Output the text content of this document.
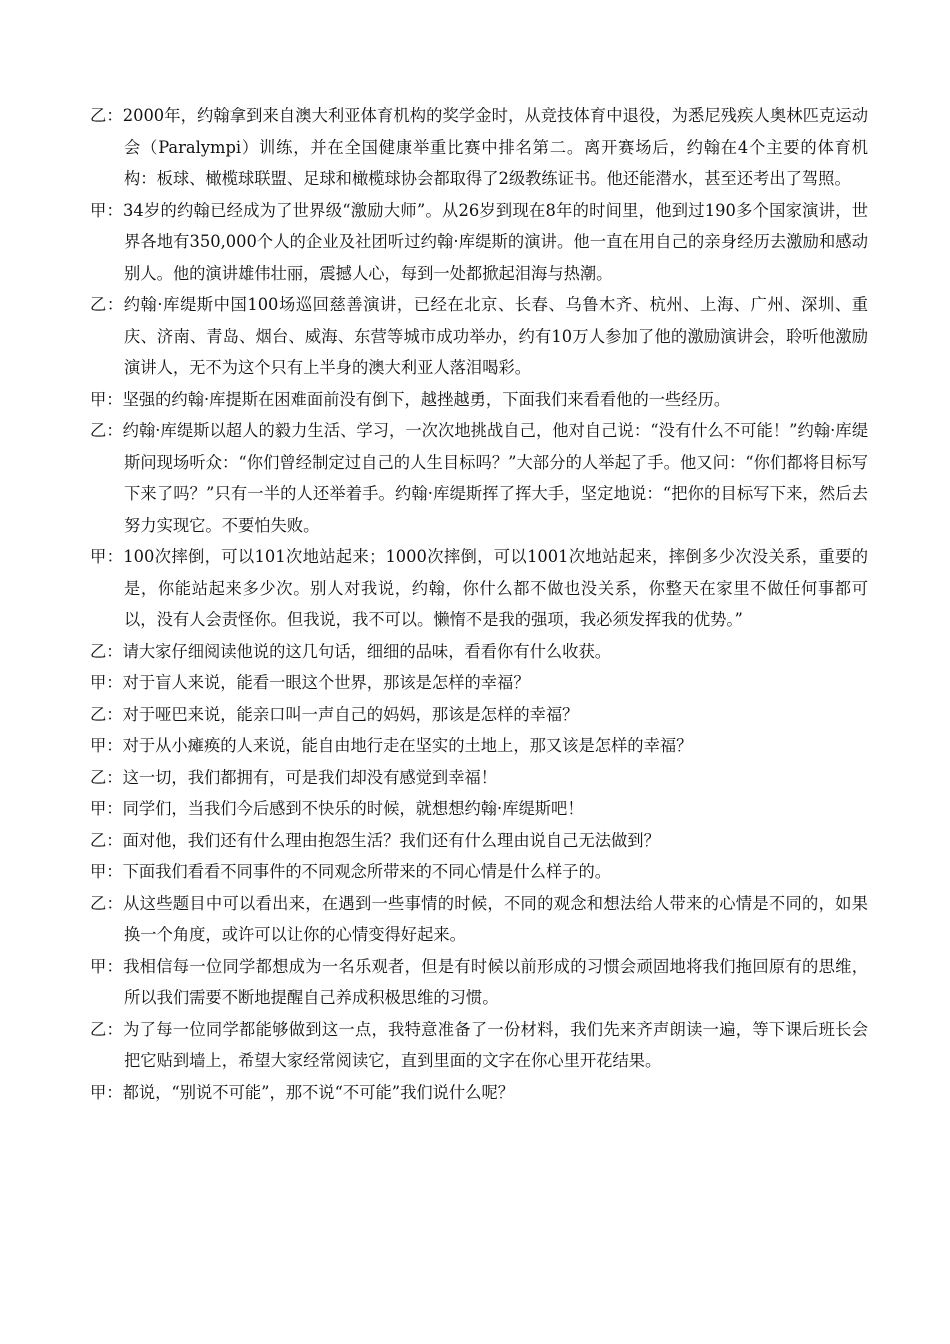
乙：2000年，约翰拿到来自澳大利亚体育机构的奖学金时，从竞技体育中退役，为悉尼残疾人奥林匹克运动会（Paralympi）训练，并在全国健康举重比赛中排名第二。离开赛场后，约翰在4个主要的体育机构：板球、橄榄球联盟、足球和橄榄球协会都取得了2级教练证书。他还能潜水，甚至还考出了驾照。

甲：34岁的约翰已经成为了世界级“激励大师”。从26岁到现在8年的时间里，他到过190多个国家演讲，世界各地有350,000个人的企业及社团听过约翰·库缇斯的演讲。他一直在用自己的亲身经历去激励和感动别人。他的演讲雄伟壮丽，震撼人心，每到一处都掀起泪海与热潮。

乙：约翰·库缇斯中国100场巡回慈善演讲，已经在北京、长春、乌鲁木齐、杭州、上海、广州、深圳、重庆、济南、青岛、烟台、威海、东营等城市成功举办，约有10万人参加了他的激励演讲会，聆听他激励演讲人，无不为这个只有上半身的澳大利亚人落泪喝彩。

甲：坚强的约翰·库提斯在困难面前没有倒下，越挫越勇，下面我们来看看他的一些经历。

乙：约翰·库缇斯以超人的毅力生活、学习，一次次地挑战自己，他对自己说：“没有什么不可能！”约翰·库缇斯问现场听众：“你们曾经制定过自己的人生目标吗？”大部分的人举起了手。他又问：“你们都将目标写下来了吗？”只有一半的人还举着手。约翰·库缇斯挥了挥大手，坚定地说：“把你的目标写下来，然后去努力实现它。不要怕失败。

甲：100次摔倒，可以101次地站起来；1000次摔倒，可以1001次地站起来，摔倒多少次没关系，重要的是，你能站起来多少次。别人对我说，约翰，你什么都不做也没关系，你整天在家里不做任何事都可以，没有人会责怪你。但我说，我不可以。懒惰不是我的强项，我必须发挥我的优势。”

乙：请大家仔细阅读他说的这几句话，细细的品味，看看你有什么收获。

甲：对于盲人来说，能看一眼这个世界，那该是怎样的幸福？

乙：对于哑巴来说，能亲口叫一声自己的妈妈，那该是怎样的幸福？

甲：对于从小瘫痪的人来说，能自由地行走在坚实的土地上，那又该是怎样的幸福？

乙：这一切，我们都拥有，可是我们却没有感觉到幸福！

甲：同学们，当我们今后感到不快乐的时候，就想想约翰·库缇斯吧！

乙：面对他，我们还有什么理由抱怨生活？我们还有什么理由说自己无法做到？

甲：下面我们看看不同事件的不同观念所带来的不同心情是什么样子的。

乙：从这些题目中可以看出来，在遇到一些事情的时候，不同的观念和想法给人带来的心情是不同的，如果换一个角度，或许可以让你的心情变得好起来。

甲：我相信每一位同学都想成为一名乐观者，但是有时候以前形成的习惯会顽固地将我们拖回原有的思维，所以我们需要不断地提醒自己养成积极思维的习惯。

乙：为了每一位同学都能够做到这一点，我特意准备了一份材料，我们先来齐声朗读一遍，等下课后班长会把它贴到墙上，希望大家经常阅读它，直到里面的文字在你心里开花结果。

甲：都说，“别说不可能”，那不说“不可能”我们说什么呢？
